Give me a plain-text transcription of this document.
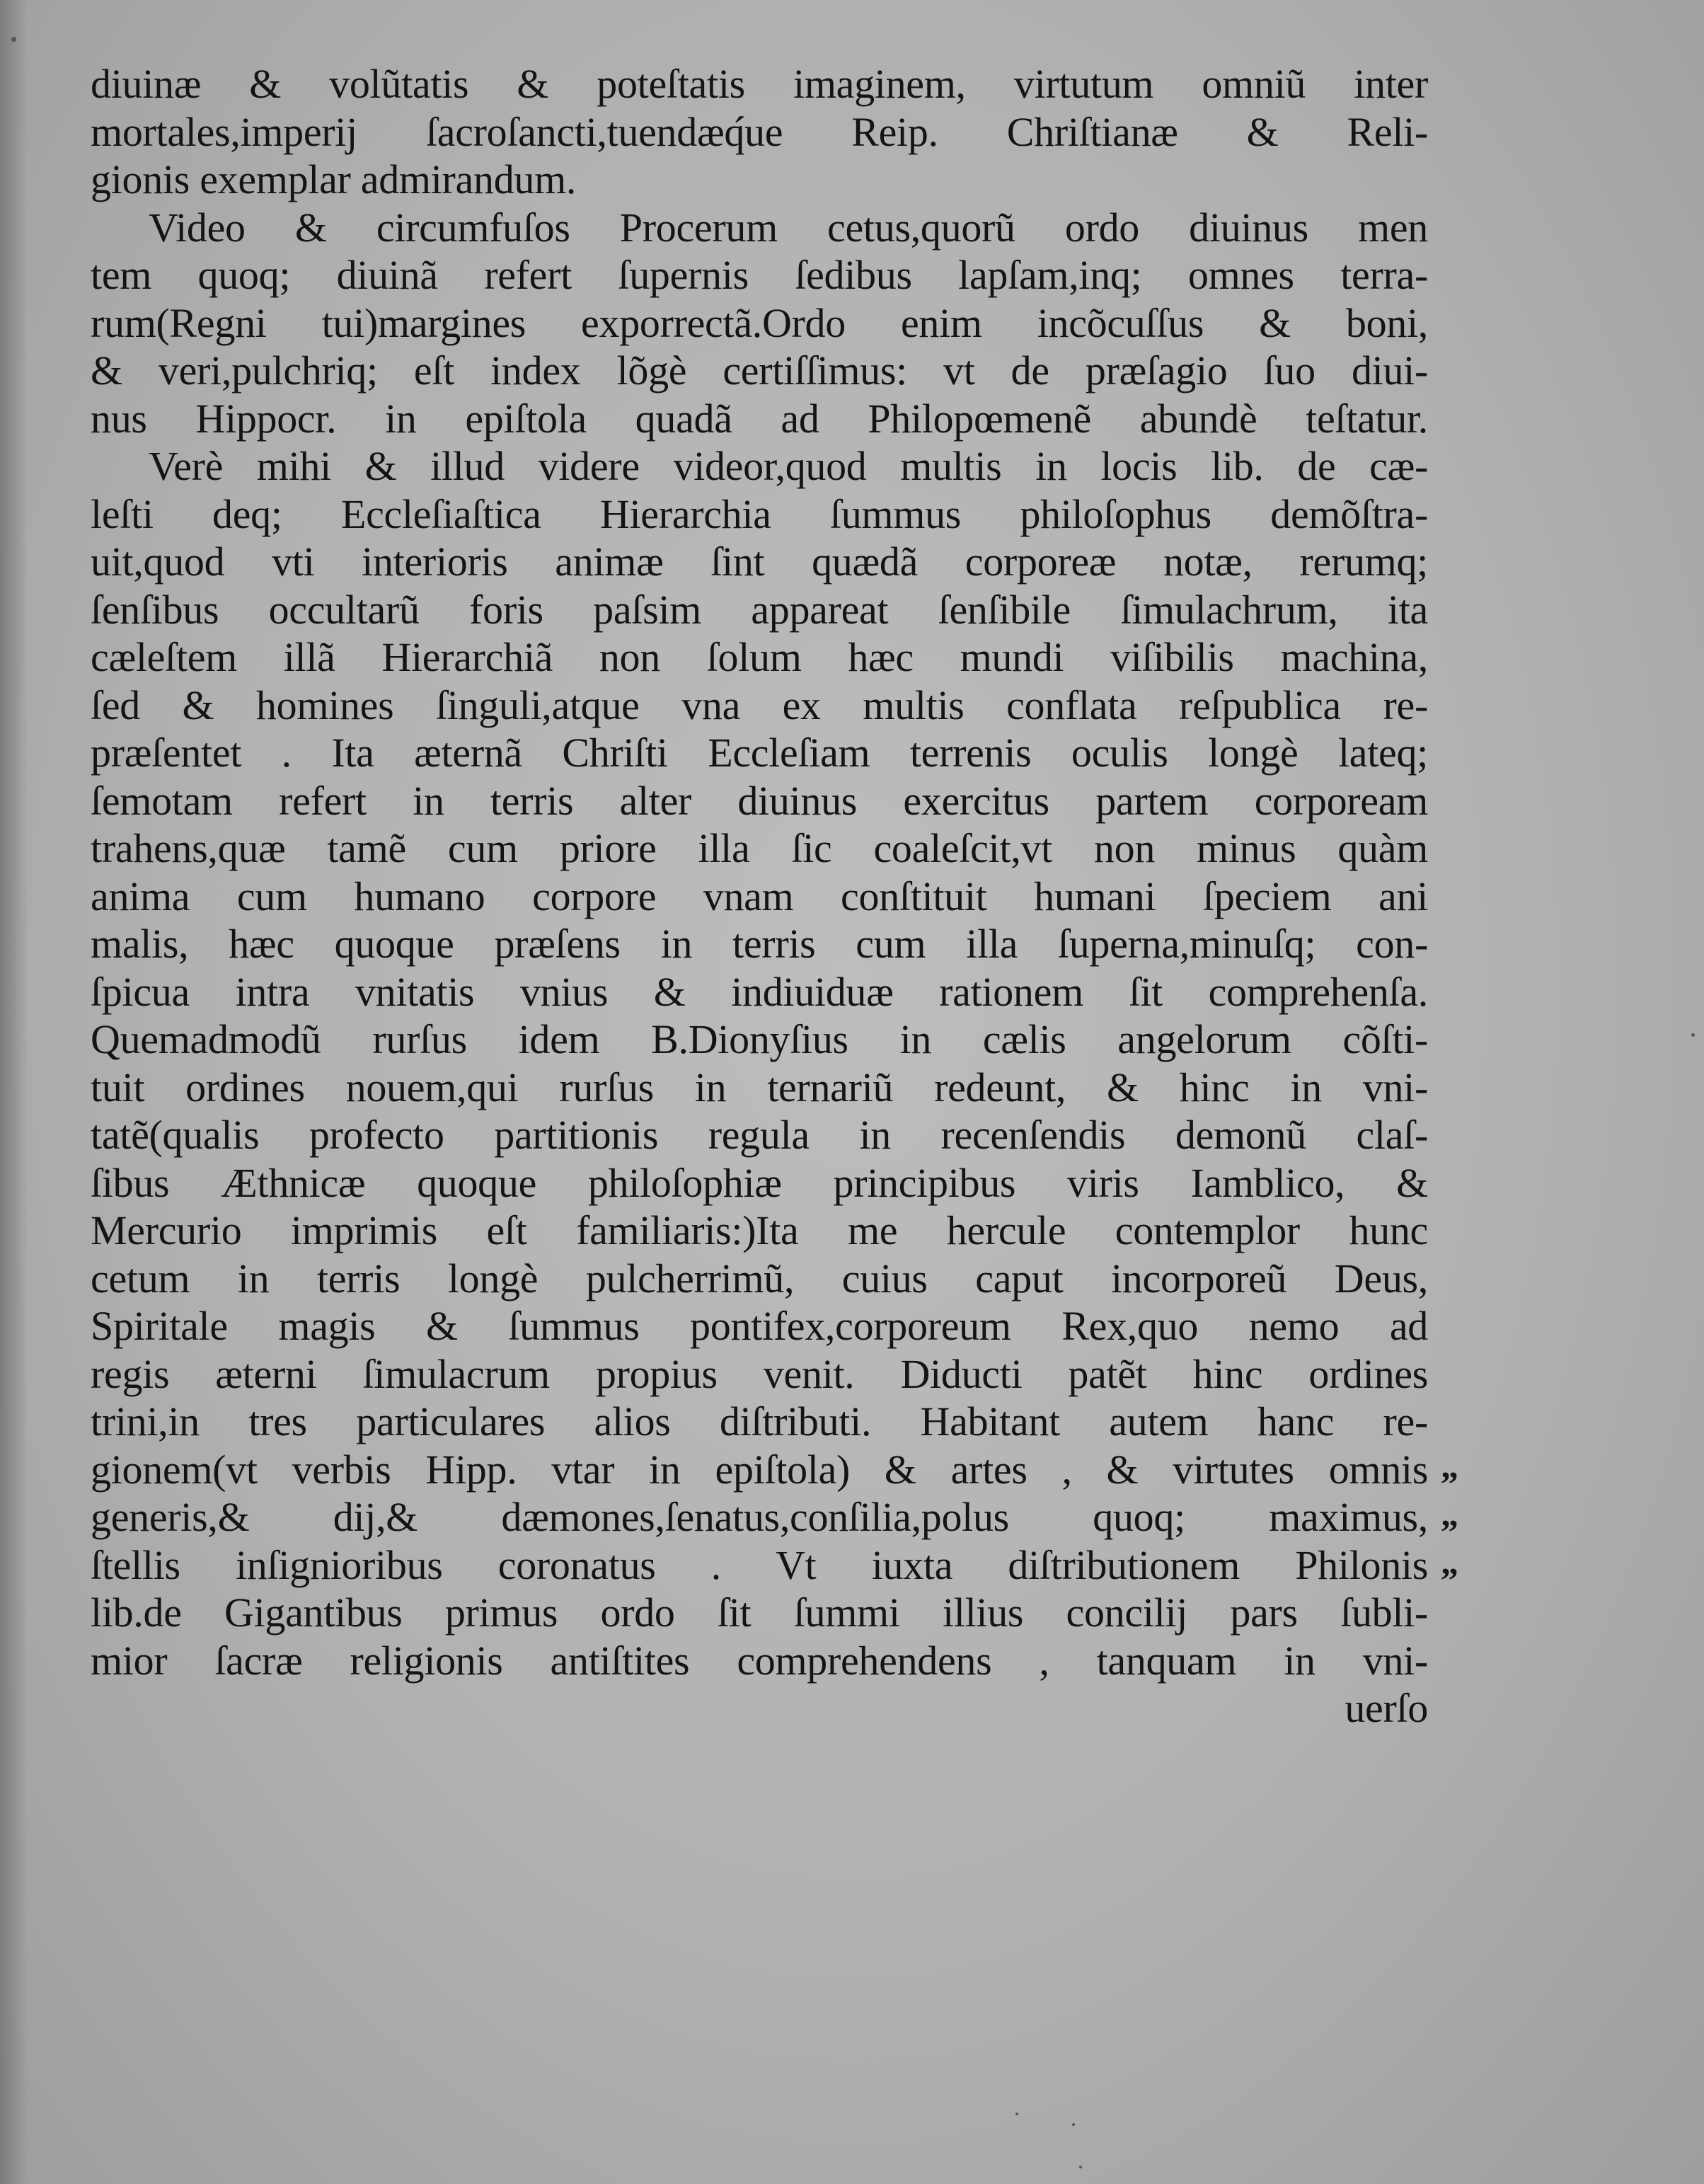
diuinæ & volũtatis & poteſtatis imaginem, virtutum omniũ inter
mortales,imperij ſacroſancti,tuendæq́ue Reip. Chriſtianæ & Reli-
gionis exemplar admirandum.
Video & circumfuſos Procerum cetus,quorũ ordo diuinus men
tem quoq; diuinã refert ſupernis ſedibus lapſam,inq; omnes terra-
rum(Regni tui)margines exporrectã.Ordo enim incõcuſſus & boni,
& veri,pulchriq; eſt index lõgè certiſſimus: vt de præſagio ſuo diui-
nus Hippocr. in epiſtola quadã ad Philopœmenẽ abundè teſtatur.
Verè mihi & illud videre videor,quod multis in locis lib. de cæ-
leſti deq; Eccleſiaſtica Hierarchia ſummus philoſophus demõſtra-
uit,quod vti interioris animæ ſint quædã corporeæ notæ, rerumq;
ſenſibus occultarũ foris paſsim appareat ſenſibile ſimulachrum, ita
cæleſtem illã Hierarchiã non ſolum hæc mundi viſibilis machina,
ſed & homines ſinguli,atque vna ex multis conflata reſpublica re-
præſentet . Ita æternã Chriſti Eccleſiam terrenis oculis longè lateq;
ſemotam refert in terris alter diuinus exercitus partem corpoream
trahens,quæ tamẽ cum priore illa ſic coaleſcit,vt non minus quàm
anima cum humano corpore vnam conſtituit humani ſpeciem ani
malis, hæc quoque præſens in terris cum illa ſuperna,minuſq; con-
ſpicua intra vnitatis vnius & indiuiduæ rationem ſit comprehenſa.
Quemadmodũ rurſus idem B.Dionyſius in cælis angelorum cõſti-
tuit ordines nouem,qui rurſus in ternariũ redeunt, & hinc in vni-
tatẽ(qualis profecto partitionis regula in recenſendis demonũ claſ-
ſibus Æthnicæ quoque philoſophiæ principibus viris Iamblico, &
Mercurio imprimis eſt familiaris:)Ita me hercule contemplor hunc
cetum in terris longè pulcherrimũ, cuius caput incorporeũ Deus,
Spiritale magis & ſummus pontifex,corporeum Rex,quo nemo ad
regis æterni ſimulacrum propius venit. Diducti patẽt hinc ordines
trini,in tres particulares alios diſtributi. Habitant autem hanc re-
gionem(vt verbis Hipp. vtar in epiſtola) & artes , & virtutes omnis
generis,& dij,& dæmones,ſenatus,conſilia,polus quoq; maximus,
ſtellis inſignioribus coronatus . Vt iuxta diſtributionem Philonis
lib.de Gigantibus primus ordo ſit ſummi illius concilij pars ſubli-
mior ſacræ religionis antiſtites comprehendens , tanquam in vni-
uerſo
„
„
„
